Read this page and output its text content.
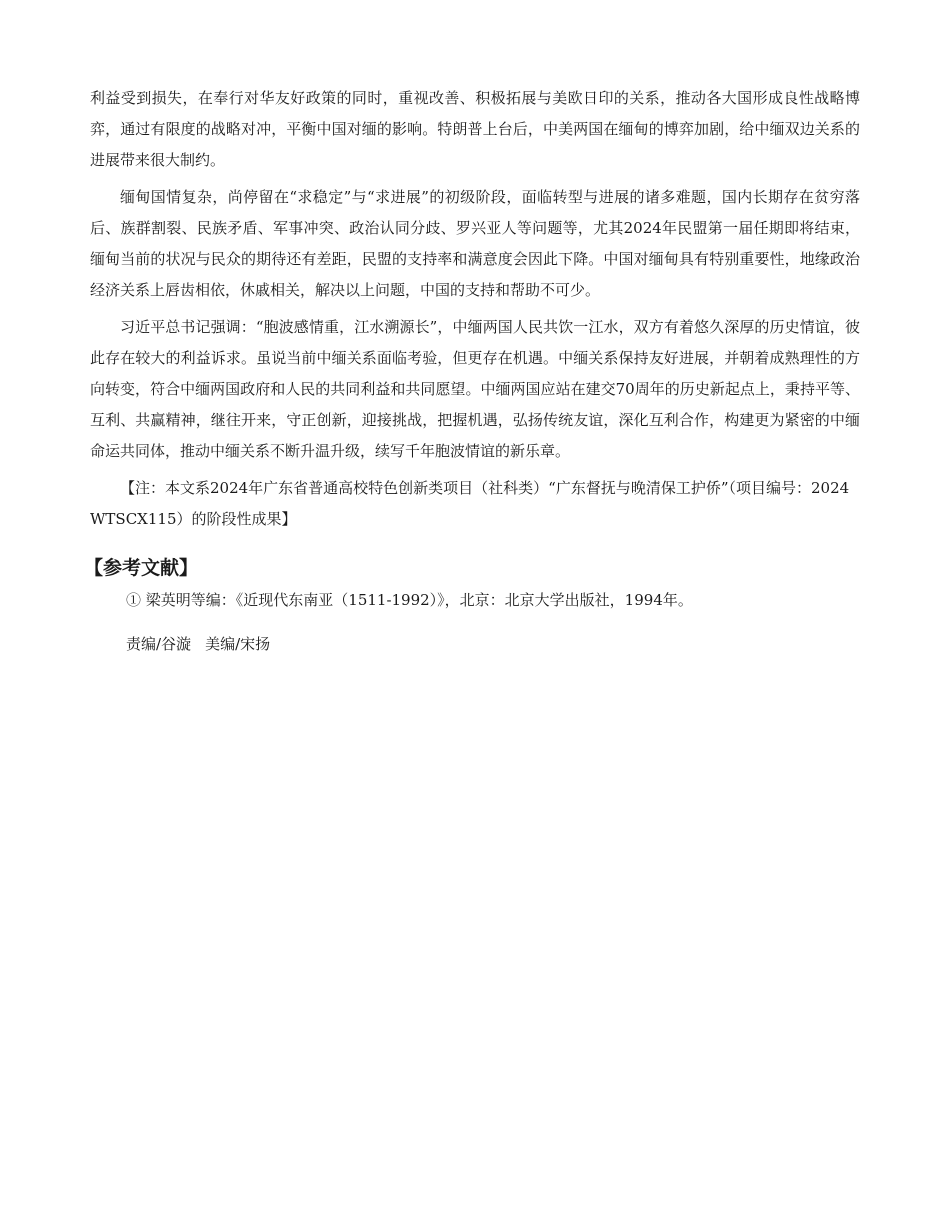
利益受到损失，在奉行对华友好政策的同时，重视改善、积极拓展与美欧日印的关系，推动各大国形成良性战略博弈，通过有限度的战略对冲，平衡中国对缅的影响。特朗普上台后，中美两国在缅甸的博弈加剧，给中缅双边关系的进展带来很大制约。

缅甸国情复杂，尚停留在“求稳定”与“求进展”的初级阶段，面临转型与进展的诸多难题，国内长期存在贫穷落后、族群割裂、民族矛盾、军事冲突、政治认同分歧、罗兴亚人等问题等，尤其2024年民盟第一届任期即将结束，缅甸当前的状况与民众的期待还有差距，民盟的支持率和满意度会因此下降。中国对缅甸具有特别重要性，地缘政治经济关系上唇齿相依，休戚相关，解决以上问题，中国的支持和帮助不可少。

习近平总书记强调：“胞波感情重，江水溯源长”，中缅两国人民共饮一江水，双方有着悠久深厚的历史情谊，彼此存在较大的利益诉求。虽说当前中缅关系面临考验，但更存在机遇。中缅关系保持友好进展，并朝着成熟理性的方向转变，符合中缅两国政府和人民的共同利益和共同愿望。中缅两国应站在建交70周年的历史新起点上，秉持平等、互利、共赢精神，继往开来，守正创新，迎接挑战，把握机遇，弘扬传统友谊，深化互利合作，构建更为紧密的中缅命运共同体，推动中缅关系不断升温升级，续写千年胞波情谊的新乐章。

【注：本文系2024年广东省普通高校特色创新类项目（社科类）“广东督抚与晚清保工护侨”（项目编号：2024WTSCX115）的阶段性成果】

【参考文献】
① 梁英明等编：《近现代东南亚（1511-1992）》，北京：北京大学出版社，1994年。
责编/谷漩 美编/宋扬
